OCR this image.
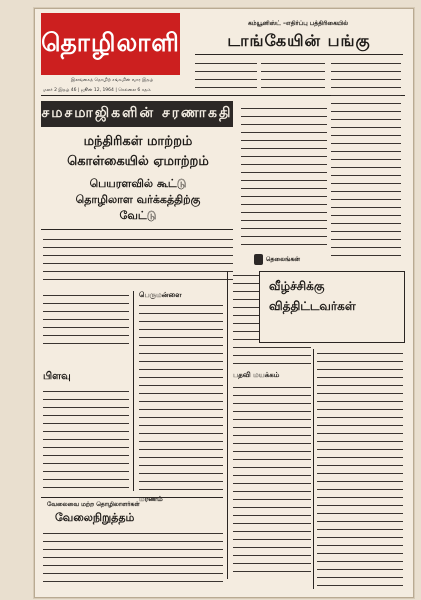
தொழிலாளி
இலங்கைத் தொழிற் சங்கமின் வார இதழ்
மலர் 2 இதழ் 46 | ஜூன் 12, 1964 | செல்லை 6 சதம்
கம்யூனிஸ்ட் –எதிர்ப்பு பத்திரிகையில்
டாங்கேயின் பங்கு
சமசமாஜிகளின் சரணாகதி
மந்திரிகள் மாற்றம்
கொள்கையில் ஏமாற்றம்
பெயரளவில் கூட்டு
தொழிலாள வர்க்கத்திற்கு
வேட்டு
தெலைங்கன்
பிளவு
பெருமன்ளை
பதவி மயக்கம்
வேலைவை மற்ற தொழிலாளர்கள்
வேலைநிறுத்தம்
வீழ்ச்சிக்கு
வித்திட்டவர்கள்
மரணம்
